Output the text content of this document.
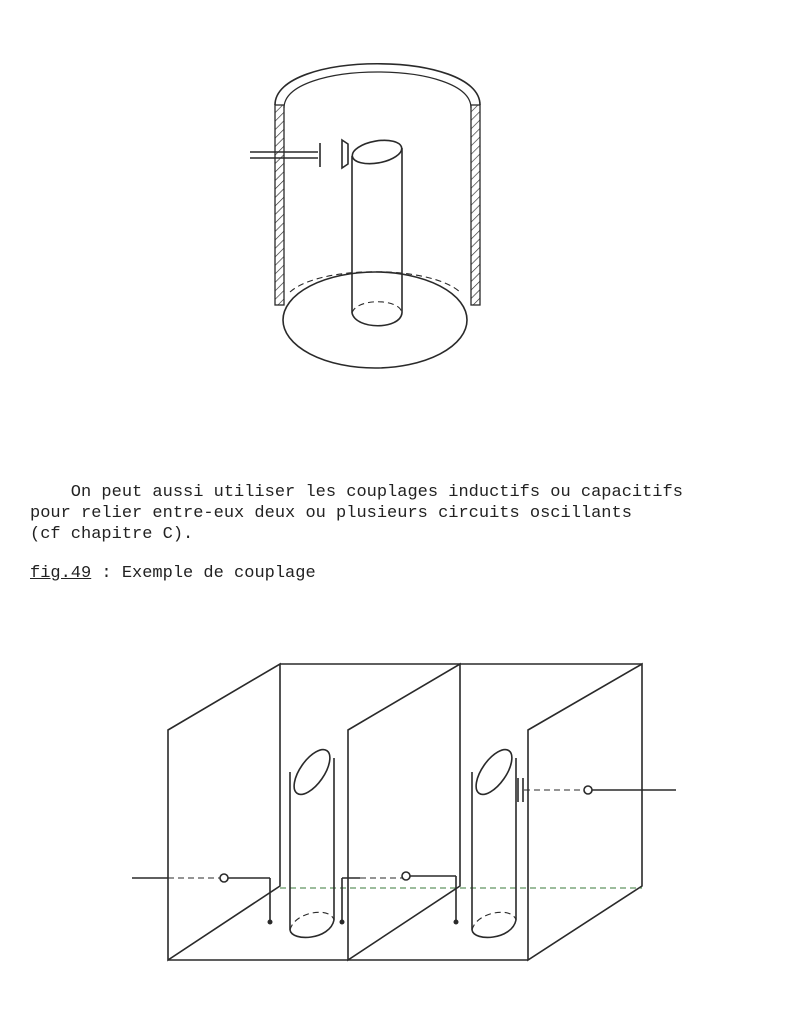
On peut aussi utiliser les couplages inductifs ou capacitifs
pour relier entre-eux deux ou plusieurs circuits oscillants
(cf chapitre C).
fig.49 : Exemple de couplage
